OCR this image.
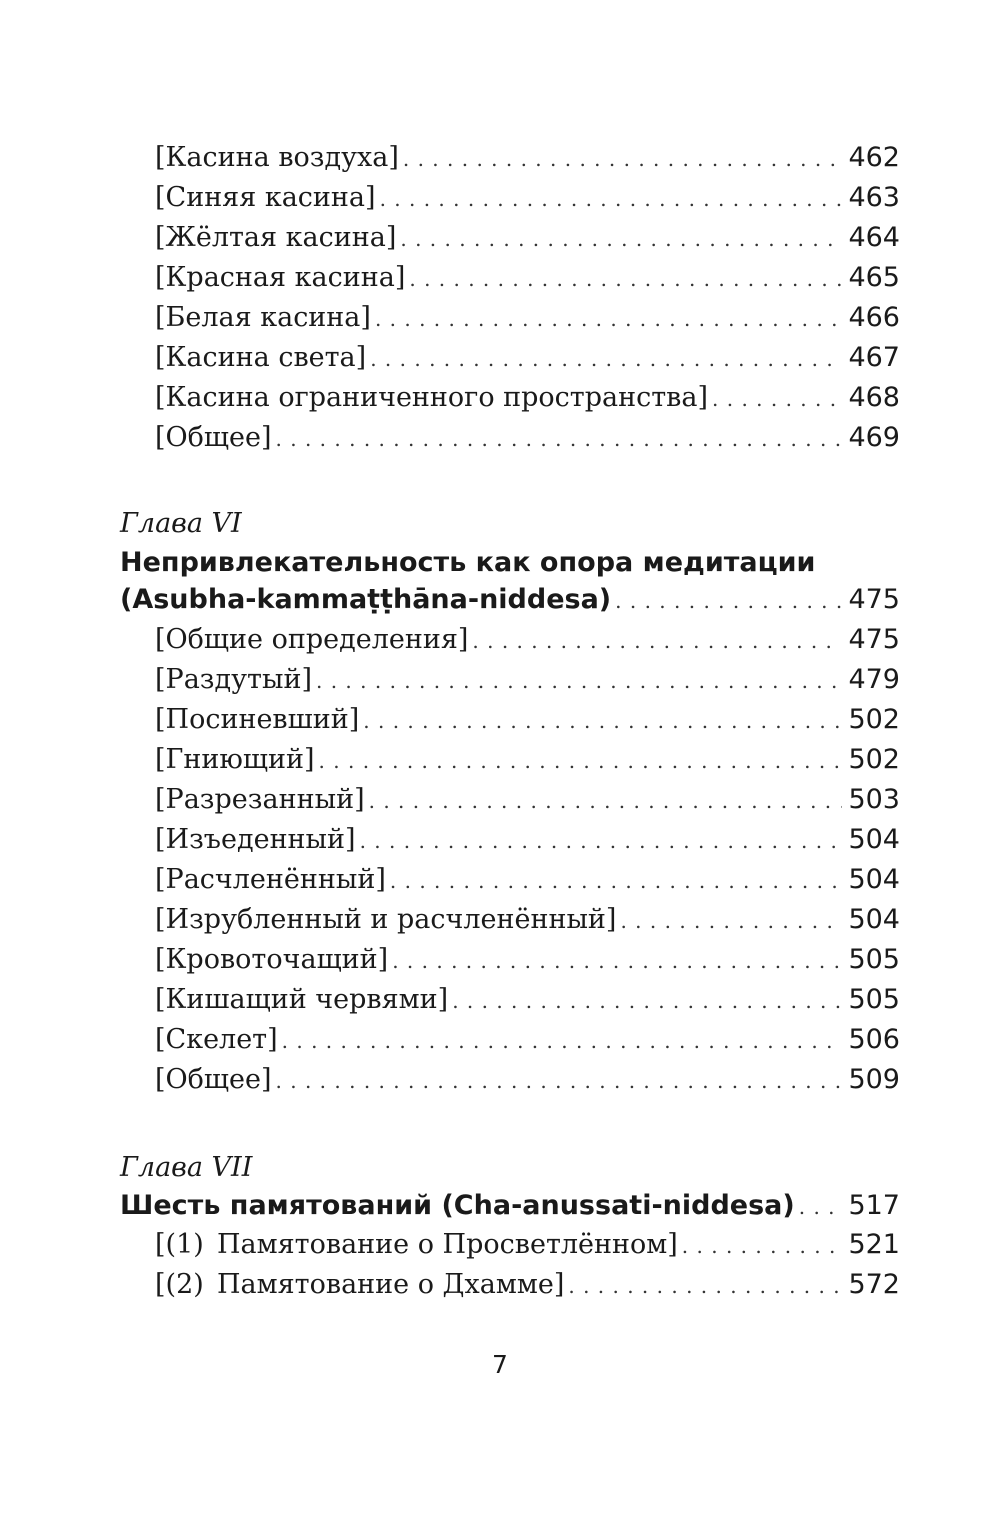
[Касина воздуха] . . .	462
[Синяя касина] . . .	463
[Жёлтая касина] . . .	464
[Красная касина] . . .	465
[Белая касина] . . .	466
[Касина света] . . .	467
[Касина ограниченного пространства] . . .	468
[Общее] . . .	469
Глава VI
Непривлекательность как опора медитации
(Asubha-kammaṭṭhāna-niddesa) . . .	475
[Общие определения] . . .	475
[Раздутый] . . .	479
[Посиневший] . . .	502
[Гниющий] . . .	502
[Разрезанный] . . .	503
[Изъеденный] . . .	504
[Расчленённый] . . .	504
[Изрубленный и расчленённый] . . .	504
[Кровоточащий] . . .	505
[Кишащий червями] . . .	505
[Скелет] . . .	506
[Общее] . . .	509
Глава VII
Шесть памятований (Cha-anussati-niddesa) . . . 517
[(1) Памятование о Просветлённом] . . .	521
[(2) Памятование о Дхамме] . . .	572
7
